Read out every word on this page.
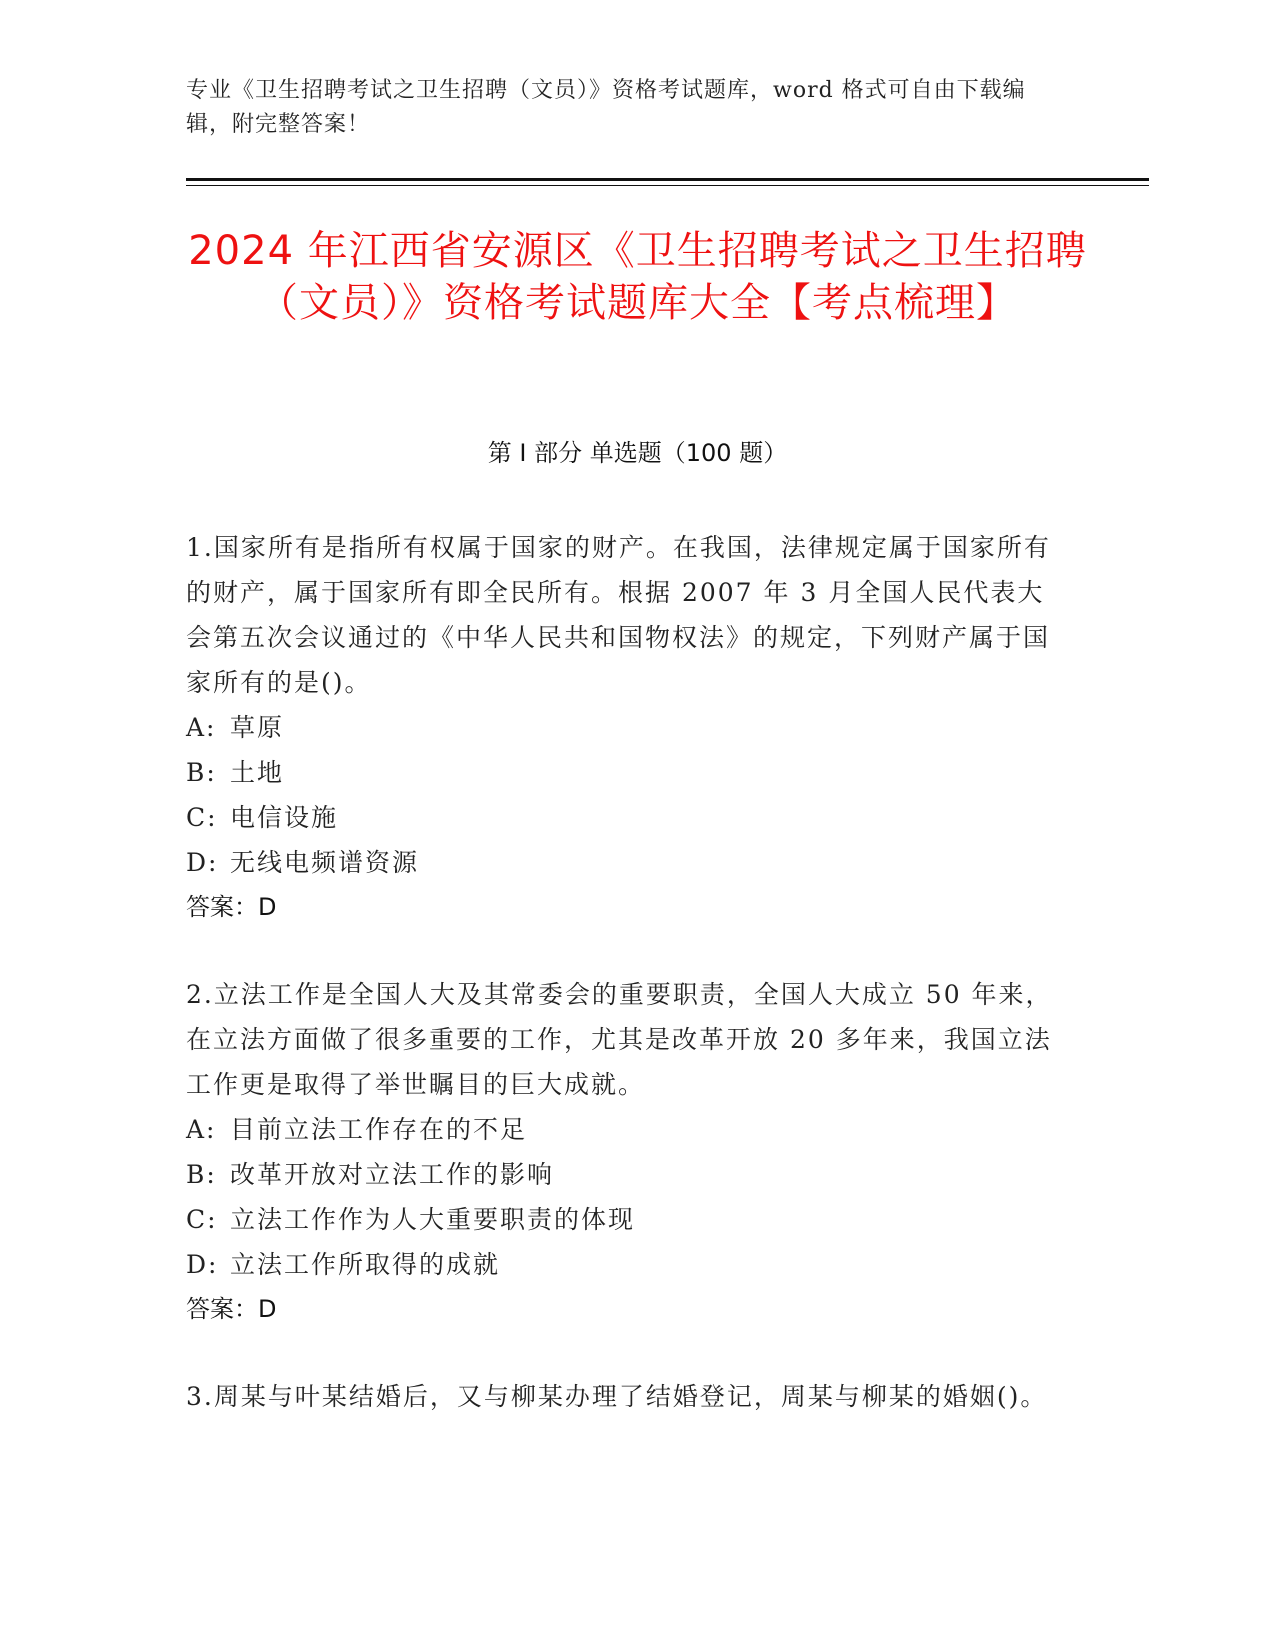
专业《卫生招聘考试之卫生招聘（文员）》资格考试题库，word 格式可自由下载编辑，附完整答案！
2024 年江西省安源区《卫生招聘考试之卫生招聘（文员）》资格考试题库大全【考点梳理】
第 I 部分 单选题（100 题）
1.国家所有是指所有权属于国家的财产。在我国，法律规定属于国家所有的财产，属于国家所有即全民所有。根据 2007 年 3 月全国人民代表大会第五次会议通过的《中华人民共和国物权法》的规定，下列财产属于国家所有的是()。
A: 草原
B: 土地
C: 电信设施
D: 无线电频谱资源
答案：D
2.立法工作是全国人大及其常委会的重要职责，全国人大成立 50 年来，在立法方面做了很多重要的工作，尤其是改革开放 20 多年来，我国立法工作更是取得了举世瞩目的巨大成就。
A: 目前立法工作存在的不足
B: 改革开放对立法工作的影响
C: 立法工作作为人大重要职责的体现
D: 立法工作所取得的成就
答案：D
3.周某与叶某结婚后，又与柳某办理了结婚登记，周某与柳某的婚姻()。
